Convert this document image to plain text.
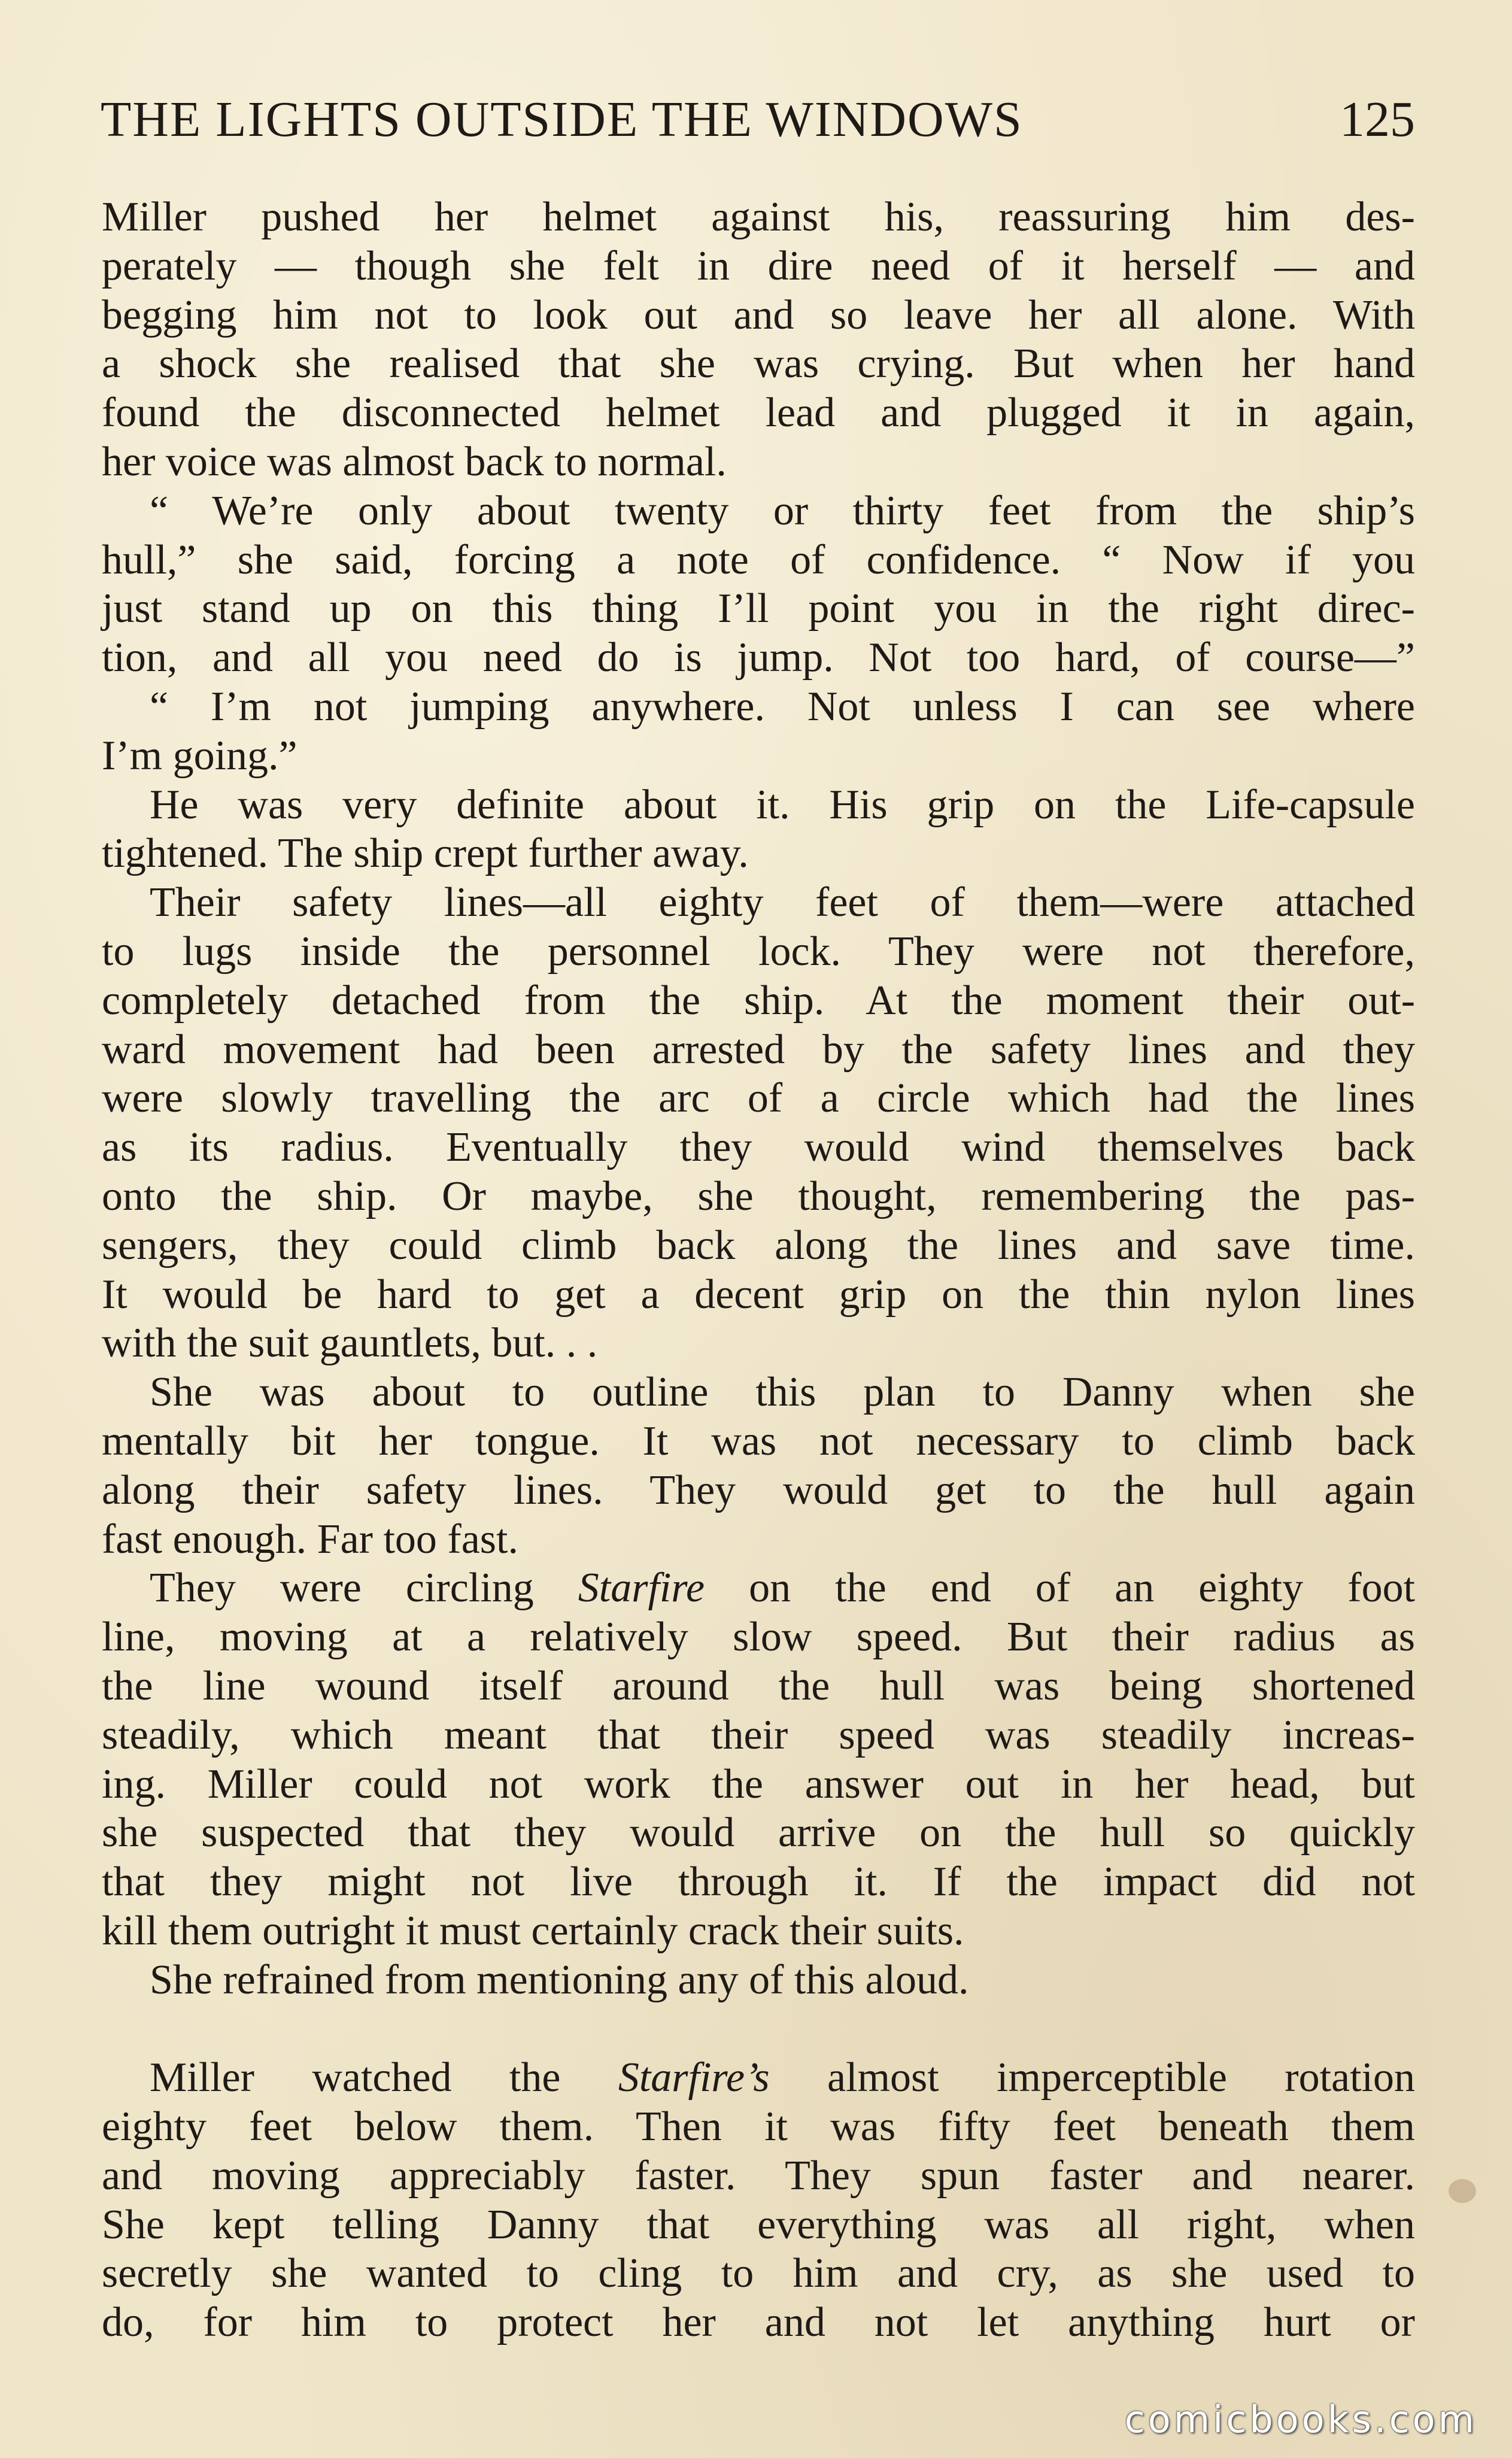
THE LIGHTS OUTSIDE THE WINDOWS	125
Miller pushed her helmet against his, reassuring him des-
perately — though she felt in dire need of it herself — and
begging him not to look out and so leave her all alone. With
a shock she realised that she was crying. But when her hand
found the disconnected helmet lead and plugged it in again,
her voice was almost back to normal.
“ We’re only about twenty or thirty feet from the ship’s
hull,” she said, forcing a note of confidence. “ Now if you
just stand up on this thing I’ll point you in the right direc-
tion, and all you need do is jump. Not too hard, of course—”
“ I’m not jumping anywhere. Not unless I can see where
I’m going.”
He was very definite about it. His grip on the Life-capsule
tightened. The ship crept further away.
Their safety lines—all eighty feet of them—were attached
to lugs inside the personnel lock. They were not therefore,
completely detached from the ship. At the moment their out-
ward movement had been arrested by the safety lines and they
were slowly travelling the arc of a circle which had the lines
as its radius. Eventually they would wind themselves back
onto the ship. Or maybe, she thought, remembering the pas-
sengers, they could climb back along the lines and save time.
It would be hard to get a decent grip on the thin nylon lines
with the suit gauntlets, but. . .
She was about to outline this plan to Danny when she
mentally bit her tongue. It was not necessary to climb back
along their safety lines. They would get to the hull again
fast enough. Far too fast.
They were circling Starfire on the end of an eighty foot
line, moving at a relatively slow speed. But their radius as
the line wound itself around the hull was being shortened
steadily, which meant that their speed was steadily increas-
ing. Miller could not work the answer out in her head, but
she suspected that they would arrive on the hull so quickly
that they might not live through it. If the impact did not
kill them outright it must certainly crack their suits.
She refrained from mentioning any of this aloud.
Miller watched the Starfire’s almost imperceptible rotation
eighty feet below them. Then it was fifty feet beneath them
and moving appreciably faster. They spun faster and nearer.
She kept telling Danny that everything was all right, when
secretly she wanted to cling to him and cry, as she used to
do, for him to protect her and not let anything hurt or
comicbooks.com
